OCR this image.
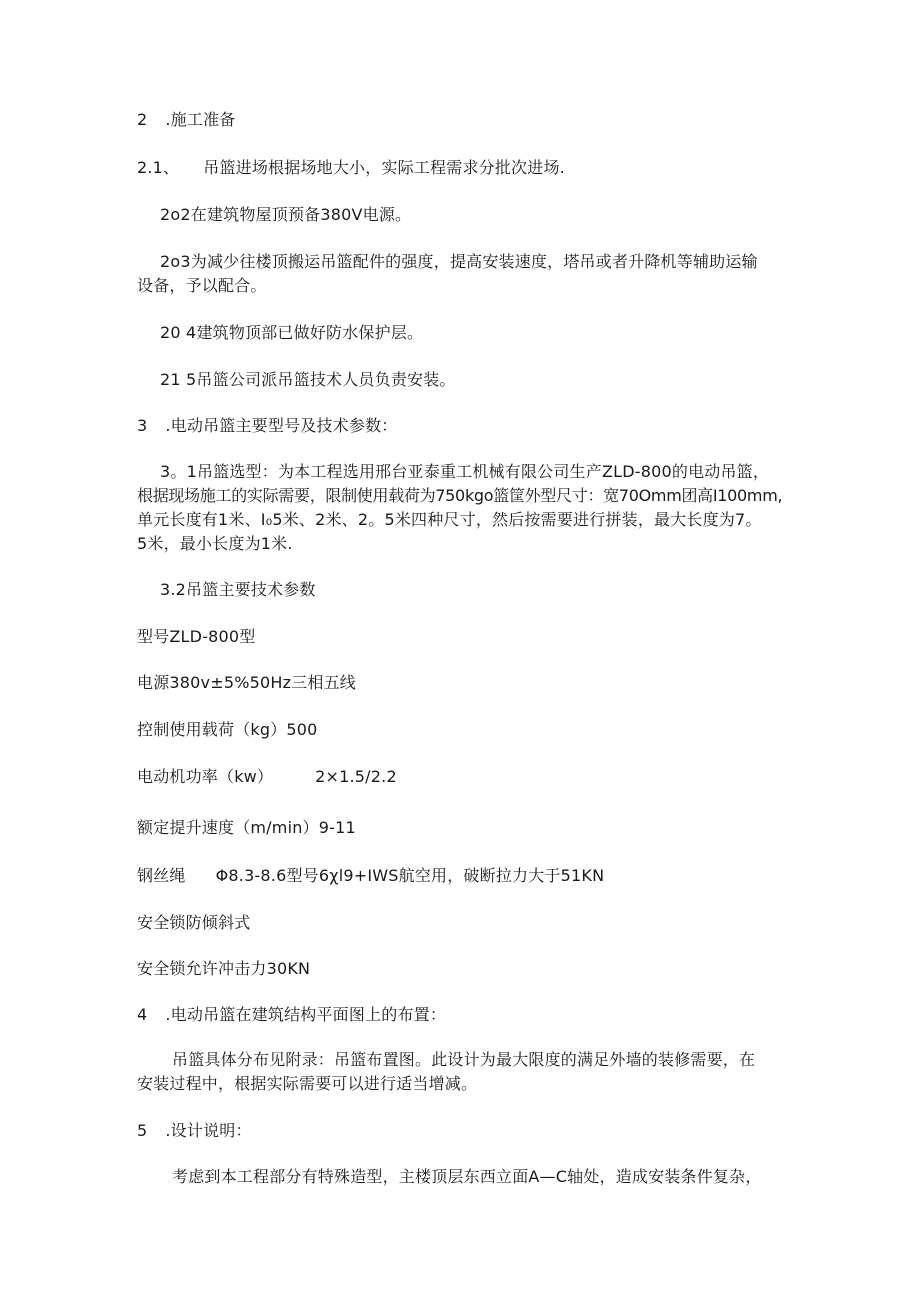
2 .施工准备
2.1、 吊篮进场根据场地大小，实际工程需求分批次进场.
2o2在建筑物屋顶预备380V电源。
2o3为减少往楼顶搬运吊篮配件的强度，提高安装速度，塔吊或者升降机等辅助运输
设备，予以配合。
20 4建筑物顶部已做好防水保护层。
21 5吊篮公司派吊篮技术人员负责安装。
3 .电动吊篮主要型号及技术参数：
3。1吊篮选型：为本工程选用邢台亚泰重工机械有限公司生产ZLD-800的电动吊篮，
根据现场施工的实际需要，限制使用载荷为750kgo篮筐外型尺寸：宽70Omm团高I100mm,
单元长度有1米、I₀5米、2米、2。5米四种尺寸，然后按需要进行拼装，最大长度为7。
5米，最小长度为1米.
3.2吊篮主要技术参数
型号ZLD-800型
电源380v±5%50Hz三相五线
控制使用载荷（kg）500
电动机功率（kw）	2×1.5∕2.2
额定提升速度（m∕min）9-11
钢丝绳 Φ8.3-8.6型号6χl9+IWS航空用，破断拉力大于51KN
安全锁防倾斜式
安全锁允许冲击力30KN
4 .电动吊篮在建筑结构平面图上的布置：
吊篮具体分布见附录：吊篮布置图。此设计为最大限度的满足外墙的装修需要，在
安装过程中，根据实际需要可以进行适当增减。
5 .设计说明：
考虑到本工程部分有特殊造型，主楼顶层东西立面A—C轴处，造成安装条件复杂，
